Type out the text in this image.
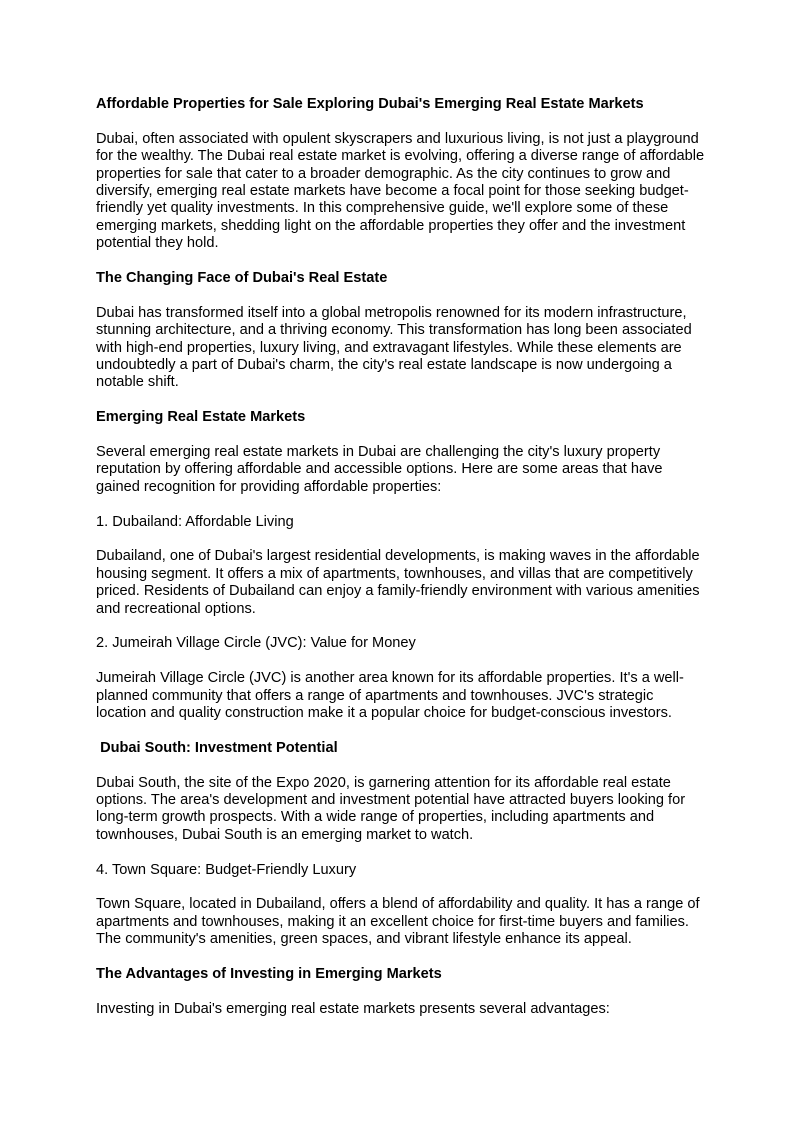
Affordable Properties for Sale Exploring Dubai's Emerging Real Estate Markets

Dubai, often associated with opulent skyscrapers and luxurious living, is not just a playground for the wealthy. The Dubai real estate market is evolving, offering a diverse range of affordable properties for sale that cater to a broader demographic. As the city continues to grow and diversify, emerging real estate markets have become a focal point for those seeking budget-friendly yet quality investments. In this comprehensive guide, we'll explore some of these emerging markets, shedding light on the affordable properties they offer and the investment potential they hold.

The Changing Face of Dubai's Real Estate

Dubai has transformed itself into a global metropolis renowned for its modern infrastructure, stunning architecture, and a thriving economy. This transformation has long been associated with high-end properties, luxury living, and extravagant lifestyles. While these elements are undoubtedly a part of Dubai's charm, the city's real estate landscape is now undergoing a notable shift.

Emerging Real Estate Markets

Several emerging real estate markets in Dubai are challenging the city's luxury property reputation by offering affordable and accessible options. Here are some areas that have gained recognition for providing affordable properties:

1. Dubailand: Affordable Living

Dubailand, one of Dubai's largest residential developments, is making waves in the affordable housing segment. It offers a mix of apartments, townhouses, and villas that are competitively priced. Residents of Dubailand can enjoy a family-friendly environment with various amenities and recreational options.

2. Jumeirah Village Circle (JVC): Value for Money

Jumeirah Village Circle (JVC) is another area known for its affordable properties. It's a well-planned community that offers a range of apartments and townhouses. JVC's strategic location and quality construction make it a popular choice for budget-conscious investors.

Dubai South: Investment Potential

Dubai South, the site of the Expo 2020, is garnering attention for its affordable real estate options. The area's development and investment potential have attracted buyers looking for long-term growth prospects. With a wide range of properties, including apartments and townhouses, Dubai South is an emerging market to watch.

4. Town Square: Budget-Friendly Luxury

Town Square, located in Dubailand, offers a blend of affordability and quality. It has a range of apartments and townhouses, making it an excellent choice for first-time buyers and families. The community's amenities, green spaces, and vibrant lifestyle enhance its appeal.

The Advantages of Investing in Emerging Markets

Investing in Dubai's emerging real estate markets presents several advantages:
